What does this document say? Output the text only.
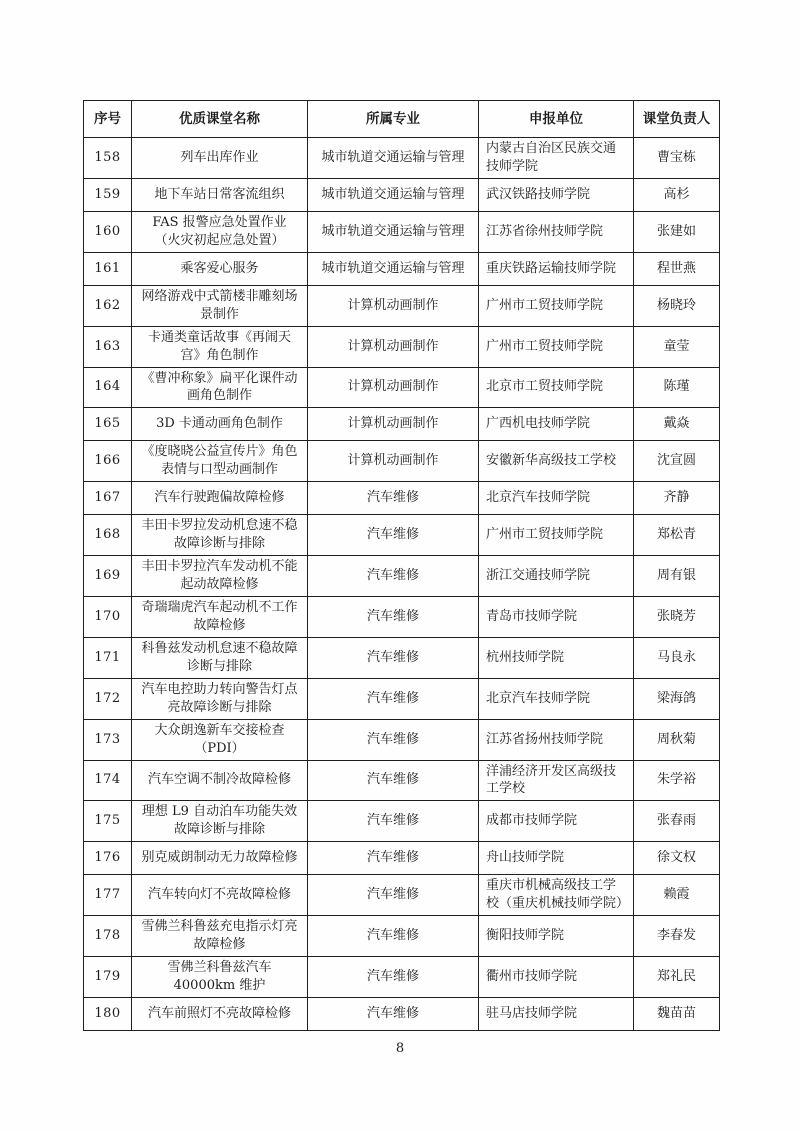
序号	优质课堂名称	所属专业	申报单位	课堂负责人
158	列车出库作业	城市轨道交通运输与管理	内蒙古自治区民族交通技师学院	曹宝栋
159	地下车站日常客流组织	城市轨道交通运输与管理	武汉铁路技师学院	高杉
160	FAS 报警应急处置作业（火灾初起应急处置）	城市轨道交通运输与管理	江苏省徐州技师学院	张建如
161	乘客爱心服务	城市轨道交通运输与管理	重庆铁路运输技师学院	程世燕
162	网络游戏中式箭楼非雕刻场景制作	计算机动画制作	广州市工贸技师学院	杨晓玲
163	卡通类童话故事《再闹天宫》角色制作	计算机动画制作	广州市工贸技师学院	童莹
164	《曹冲称象》扁平化课件动画角色制作	计算机动画制作	北京市工贸技师学院	陈瑾
165	3D 卡通动画角色制作	计算机动画制作	广西机电技师学院	戴焱
166	《度晓晓公益宣传片》角色表情与口型动画制作	计算机动画制作	安徽新华高级技工学校	沈宣圆
167	汽车行驶跑偏故障检修	汽车维修	北京汽车技师学院	齐静
168	丰田卡罗拉发动机怠速不稳故障诊断与排除	汽车维修	广州市工贸技师学院	郑松青
169	丰田卡罗拉汽车发动机不能起动故障检修	汽车维修	浙江交通技师学院	周有银
170	奇瑞瑞虎汽车起动机不工作故障检修	汽车维修	青岛市技师学院	张晓芳
171	科鲁兹发动机怠速不稳故障诊断与排除	汽车维修	杭州技师学院	马良永
172	汽车电控助力转向警告灯点亮故障诊断与排除	汽车维修	北京汽车技师学院	梁海鸽
173	大众朗逸新车交接检查（PDI）	汽车维修	江苏省扬州技师学院	周秋菊
174	汽车空调不制冷故障检修	汽车维修	洋浦经济开发区高级技工学校	朱学裕
175	理想 L9 自动泊车功能失效故障诊断与排除	汽车维修	成都市技师学院	张春雨
176	别克威朗制动无力故障检修	汽车维修	舟山技师学院	徐文权
177	汽车转向灯不亮故障检修	汽车维修	重庆市机械高级技工学校（重庆机械技师学院）	赖霞
178	雪佛兰科鲁兹充电指示灯亮故障检修	汽车维修	衡阳技师学院	李春发
179	雪佛兰科鲁兹汽车 40000km 维护	汽车维修	衢州市技师学院	郑礼民
180	汽车前照灯不亮故障检修	汽车维修	驻马店技师学院	魏苗苗
8
